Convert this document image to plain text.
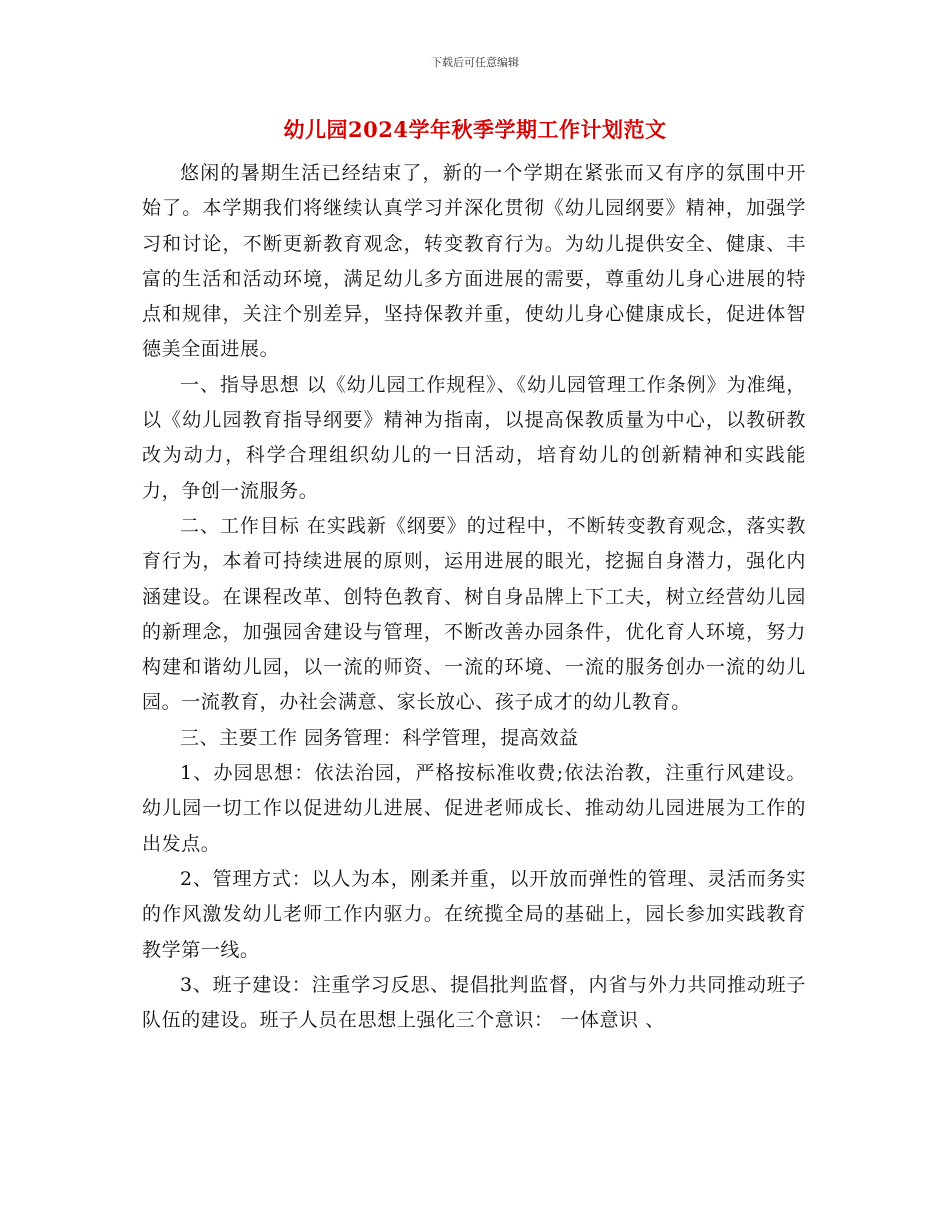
下载后可任意编辑
幼儿园2024学年秋季学期工作计划范文

悠闲的暑期生活已经结束了，新的一个学期在紧张而又有序的氛围中开始了。本学期我们将继续认真学习并深化贯彻《幼儿园纲要》精神，加强学习和讨论，不断更新教育观念，转变教育行为。为幼儿提供安全、健康、丰富的生活和活动环境，满足幼儿多方面进展的需要，尊重幼儿身心进展的特点和规律，关注个别差异，坚持保教并重，使幼儿身心健康成长，促进体智德美全面进展。

一、指导思想 以《幼儿园工作规程》、《幼儿园管理工作条例》为准绳，以《幼儿园教育指导纲要》精神为指南，以提高保教质量为中心，以教研教改为动力，科学合理组织幼儿的一日活动，培育幼儿的创新精神和实践能力，争创一流服务。

二、工作目标 在实践新《纲要》的过程中，不断转变教育观念，落实教育行为，本着可持续进展的原则，运用进展的眼光，挖掘自身潜力，强化内涵建设。在课程改革、创特色教育、树自身品牌上下工夫，树立经营幼儿园的新理念，加强园舍建设与管理，不断改善办园条件，优化育人环境，努力构建和谐幼儿园，以一流的师资、一流的环境、一流的服务创办一流的幼儿园。一流教育，办社会满意、家长放心、孩子成才的幼儿教育。

三、主要工作 园务管理：科学管理，提高效益

1、办园思想：依法治园，严格按标准收费;依法治教，注重行风建设。幼儿园一切工作以促进幼儿进展、促进老师成长、推动幼儿园进展为工作的出发点。

2、管理方式：以人为本，刚柔并重，以开放而弹性的管理、灵活而务实的作风激发幼儿老师工作内驱力。在统揽全局的基础上，园长参加实践教育教学第一线。

3、班子建设：注重学习反思、提倡批判监督，内省与外力共同推动班子队伍的建设。班子人员在思想上强化三个意识： 一体意识 、
